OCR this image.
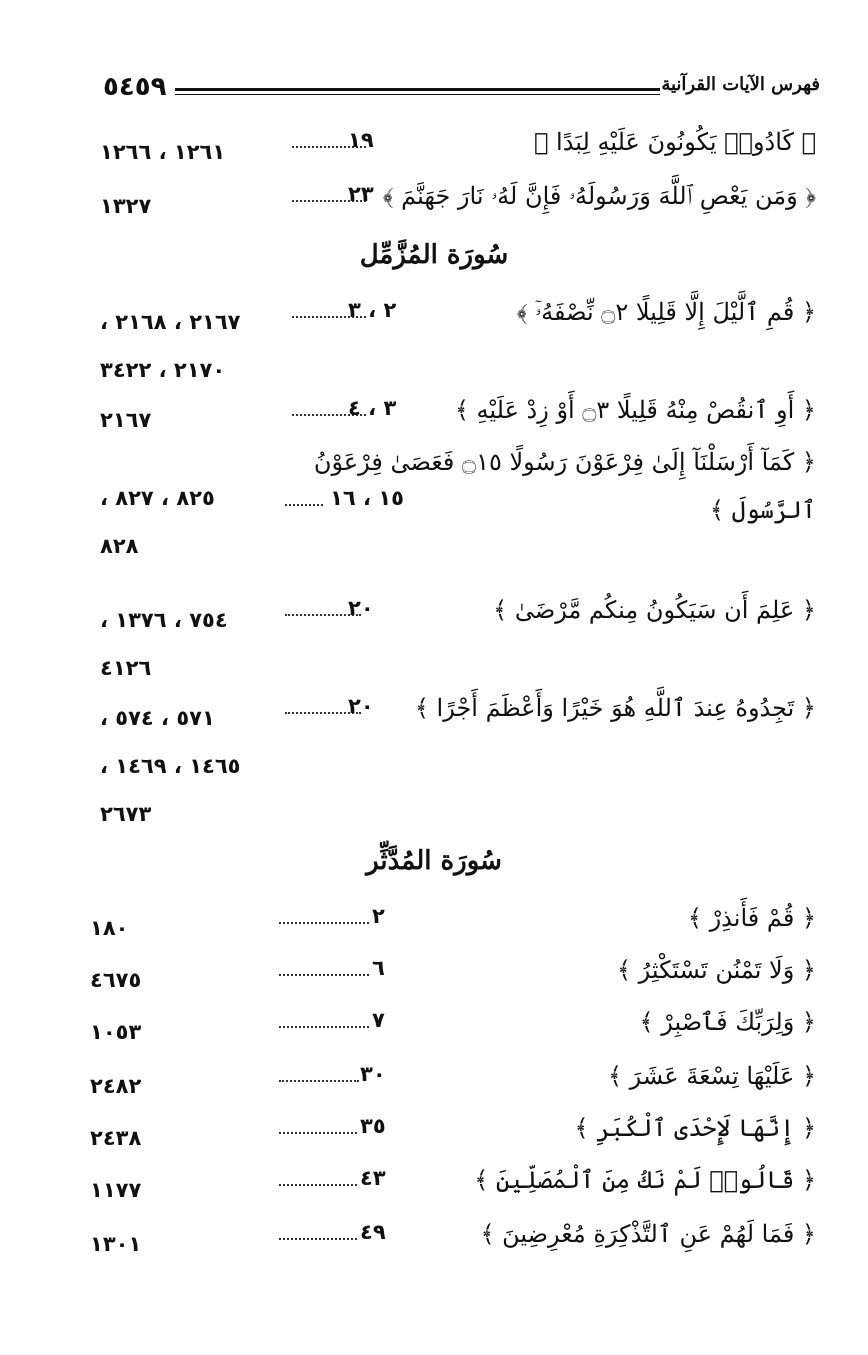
٥٤٥٩	فهرس الآيات القرآنية
﴿ كَادُوا۟ يَكُونُونَ عَلَيْهِ لِبَدًا ﴾
١٩
١٢٦١ ، ١٢٦٦
﴿ وَمَن يَعْصِ ٱللَّهَ وَرَسُولَهُۥ فَإِنَّ لَهُۥ نَارَ جَهَنَّمَ ﴾
٢٣
١٣٢٧
سُورَة المُزَّمِّل
﴿ قُمِ ٱلَّيْلَ إِلَّا قَلِيلًا ۝٢ نِّصْفَهُۥٓ ﴾
٢ ، ٣
٢١٦٧ ، ٢١٦٨ ،
٢١٧٠ ، ٣٤٢٢
﴿ أَوِ ٱنقُصْ مِنْهُ قَلِيلًا ۝٣ أَوْ زِدْ عَلَيْهِ ﴾
٣ ، ٤
٢١٦٧
﴿ كَمَآ أَرْسَلْنَآ إِلَىٰ فِرْعَوْنَ رَسُولًا ۝١٥ فَعَصَىٰ فِرْعَوْنُ
ٱلرَّسُولَ ﴾
١٥ ، ١٦
٨٢٥ ، ٨٢٧ ،
٨٢٨
﴿ عَلِمَ أَن سَيَكُونُ مِنكُم مَّرْضَىٰ ﴾
٢٠
٧٥٤ ، ١٣٧٦ ،
٤١٢٦
﴿ تَجِدُوهُ عِندَ ٱللَّهِ هُوَ خَيْرًا وَأَعْظَمَ أَجْرًا ﴾
٢٠
٥٧١ ، ٥٧٤ ،
١٤٦٥ ، ١٤٦٩ ،
٢٦٧٣
سُورَة المُدَّثِّر
﴿ قُمْ فَأَنذِرْ ﴾
٢
١٨٠
﴿ وَلَا تَمْنُن تَسْتَكْثِرُ ﴾
٦
٤٦٧٥
﴿ وَلِرَبِّكَ فَٱصْبِرْ ﴾
٧
١٠٥٣
﴿ عَلَيْهَا تِسْعَةَ عَشَرَ ﴾
٣٠
٢٤٨٢
﴿ إِنَّهَا لَإِحْدَى ٱلْكُبَرِ ﴾
٣٥
٢٤٣٨
﴿ قَالُوا۟ لَمْ نَكُ مِنَ ٱلْمُصَلِّينَ ﴾
٤٣
١١٧٧
﴿ فَمَا لَهُمْ عَنِ ٱلتَّذْكِرَةِ مُعْرِضِينَ ﴾
٤٩
١٣٠١
